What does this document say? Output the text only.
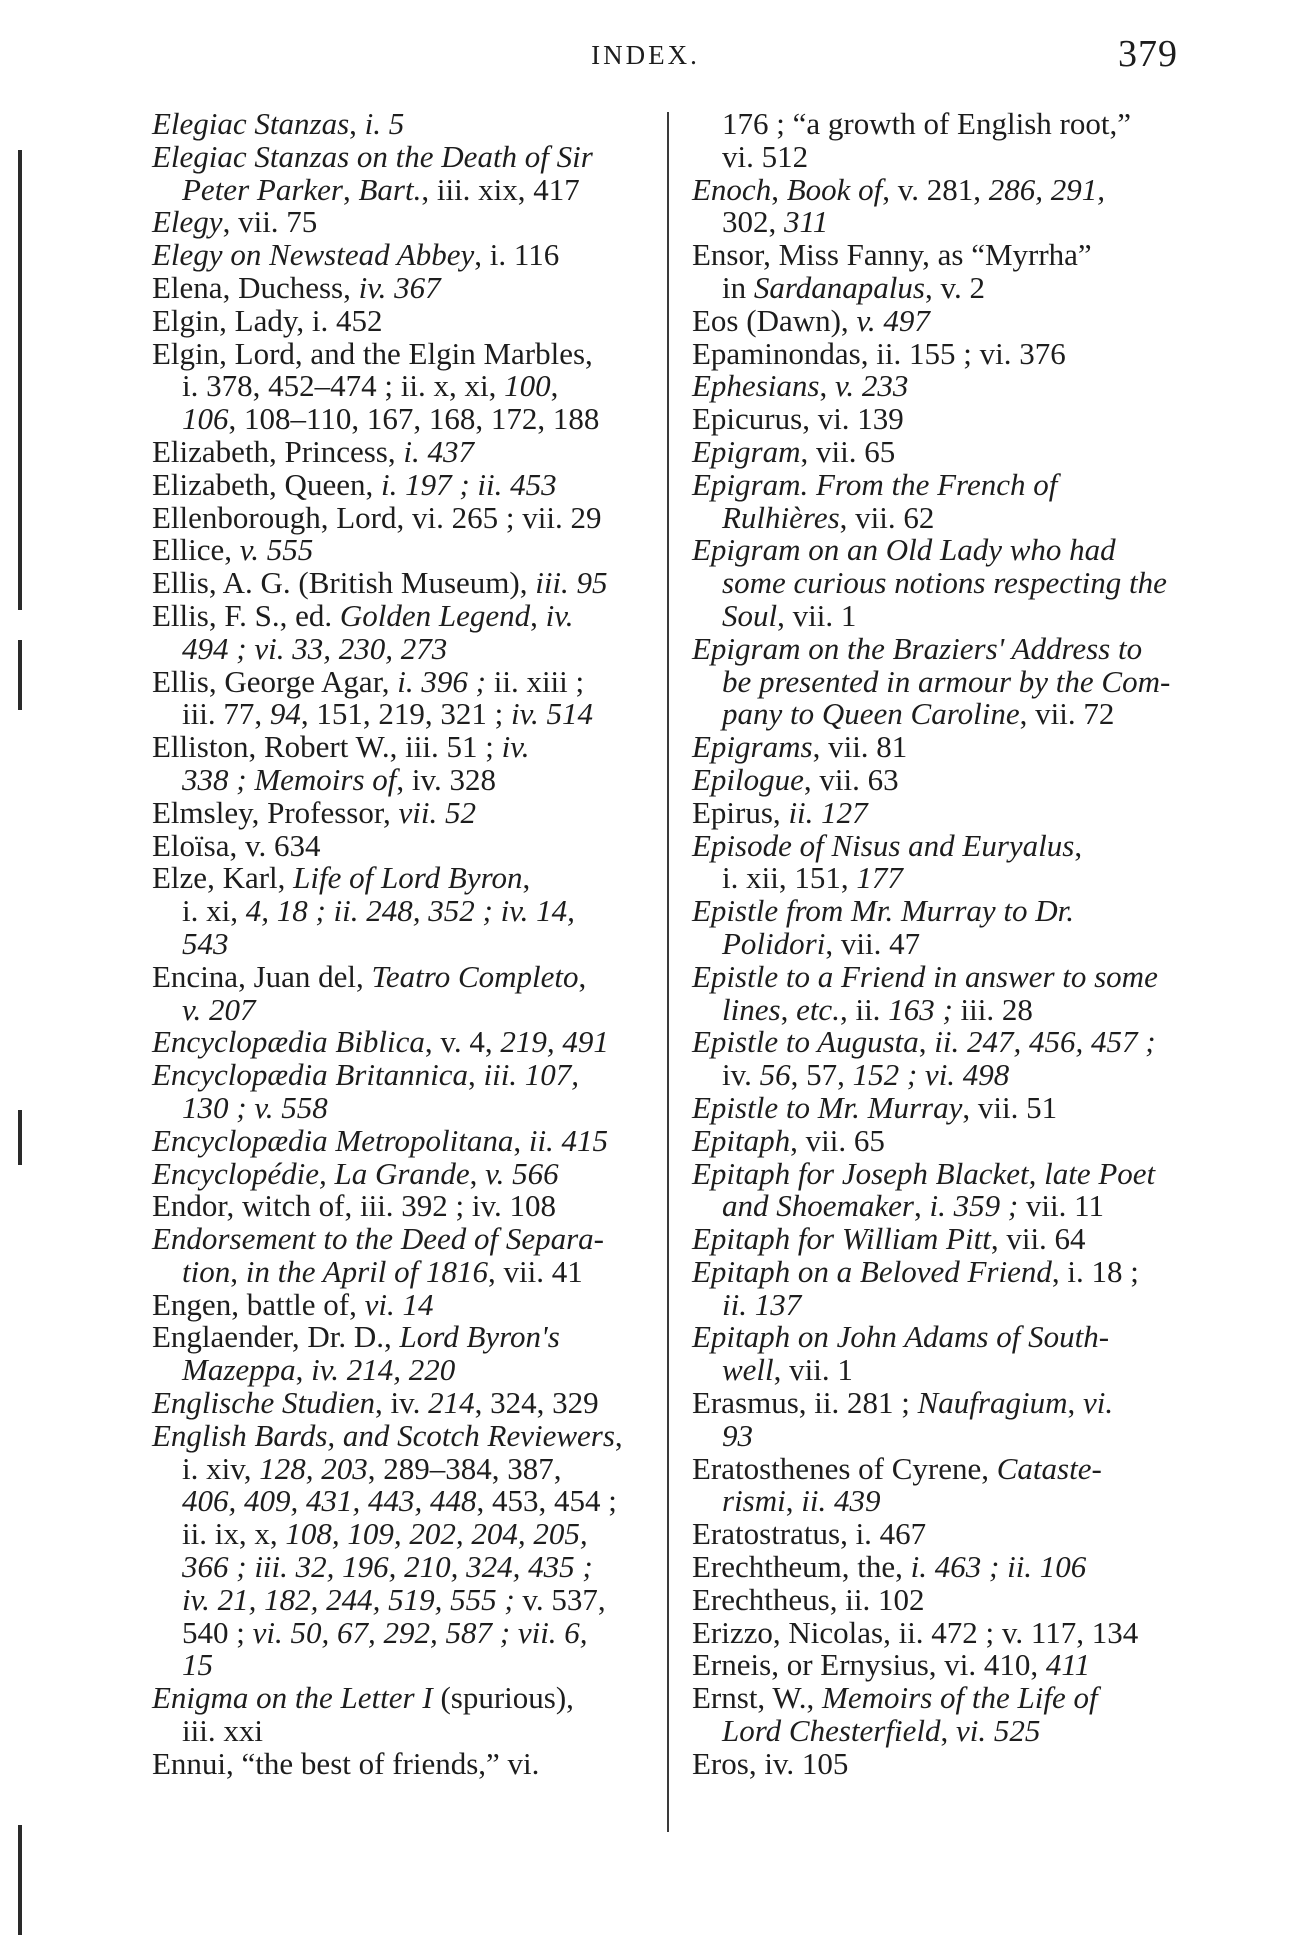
INDEX.	379
Elegiac Stanzas, i. 5
Elegiac Stanzas on the Death of Sir
Peter Parker, Bart., iii. xix, 417
Elegy, vii. 75
Elegy on Newstead Abbey, i. 116
Elena, Duchess, iv. 367
Elgin, Lady, i. 452
Elgin, Lord, and the Elgin Marbles,
i. 378, 452–474 ; ii. x, xi, 100,
106, 108–110, 167, 168, 172, 188
Elizabeth, Princess, i. 437
Elizabeth, Queen, i. 197 ; ii. 453
Ellenborough, Lord, vi. 265 ; vii. 29
Ellice, v. 555
Ellis, A. G. (British Museum), iii. 95
Ellis, F. S., ed. Golden Legend, iv.
494 ; vi. 33, 230, 273
Ellis, George Agar, i. 396 ; ii. xiii ;
iii. 77, 94, 151, 219, 321 ; iv. 514
Elliston, Robert W., iii. 51 ; iv.
338 ; Memoirs of, iv. 328
Elmsley, Professor, vii. 52
Eloïsa, v. 634
Elze, Karl, Life of Lord Byron,
i. xi, 4, 18 ; ii. 248, 352 ; iv. 14,
543
Encina, Juan del, Teatro Completo,
v. 207
Encyclopædia Biblica, v. 4, 219, 491
Encyclopædia Britannica, iii. 107,
130 ; v. 558
Encyclopædia Metropolitana, ii. 415
Encyclopédie, La Grande, v. 566
Endor, witch of, iii. 392 ; iv. 108
Endorsement to the Deed of Separa-
tion, in the April of 1816, vii. 41
Engen, battle of, vi. 14
Englaender, Dr. D., Lord Byron's
Mazeppa, iv. 214, 220
Englische Studien, iv. 214, 324, 329
English Bards, and Scotch Reviewers,
i. xiv, 128, 203, 289–384, 387,
406, 409, 431, 443, 448, 453, 454 ;
ii. ix, x, 108, 109, 202, 204, 205,
366 ; iii. 32, 196, 210, 324, 435 ;
iv. 21, 182, 244, 519, 555 ; v. 537,
540 ; vi. 50, 67, 292, 587 ; vii. 6,
15
Enigma on the Letter I (spurious),
iii. xxi
Ennui, “the best of friends,” vi.
176 ; “a growth of English root,”
vi. 512
Enoch, Book of, v. 281, 286, 291,
302, 311
Ensor, Miss Fanny, as “Myrrha”
in Sardanapalus, v. 2
Eos (Dawn), v. 497
Epaminondas, ii. 155 ; vi. 376
Ephesians, v. 233
Epicurus, vi. 139
Epigram, vii. 65
Epigram. From the French of
Rulhières, vii. 62
Epigram on an Old Lady who had
some curious notions respecting the
Soul, vii. 1
Epigram on the Braziers' Address to
be presented in armour by the Com-
pany to Queen Caroline, vii. 72
Epigrams, vii. 81
Epilogue, vii. 63
Epirus, ii. 127
Episode of Nisus and Euryalus,
i. xii, 151, 177
Epistle from Mr. Murray to Dr.
Polidori, vii. 47
Epistle to a Friend in answer to some
lines, etc., ii. 163 ; iii. 28
Epistle to Augusta, ii. 247, 456, 457 ;
iv. 56, 57, 152 ; vi. 498
Epistle to Mr. Murray, vii. 51
Epitaph, vii. 65
Epitaph for Joseph Blacket, late Poet
and Shoemaker, i. 359 ; vii. 11
Epitaph for William Pitt, vii. 64
Epitaph on a Beloved Friend, i. 18 ;
ii. 137
Epitaph on John Adams of South-
well, vii. 1
Erasmus, ii. 281 ; Naufragium, vi.
93
Eratosthenes of Cyrene, Cataste-
rismi, ii. 439
Eratostratus, i. 467
Erechtheum, the, i. 463 ; ii. 106
Erechtheus, ii. 102
Erizzo, Nicolas, ii. 472 ; v. 117, 134
Erneis, or Ernysius, vi. 410, 411
Ernst, W., Memoirs of the Life of
Lord Chesterfield, vi. 525
Eros, iv. 105
